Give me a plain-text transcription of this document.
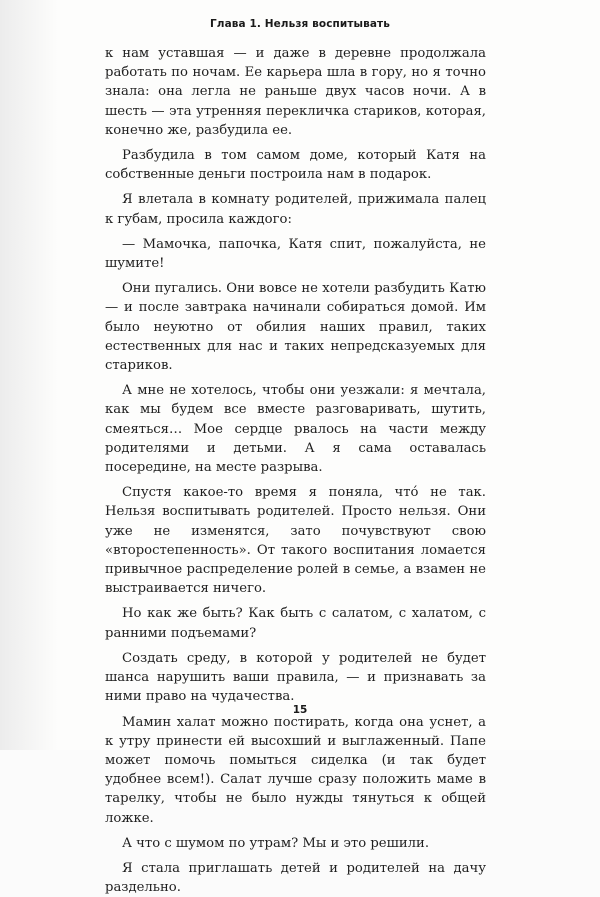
Глава 1. Нельзя воспитывать

к нам уставшая — и даже в деревне продолжала работать по ночам. Ее карьера шла в гору, но я точно знала: она легла не раньше двух часов ночи. А в шесть — эта утренняя перекличка стариков, которая, конечно же, разбудила ее.

Разбудила в том самом доме, который Катя на собственные деньги построила нам в подарок.

Я влетала в комнату родителей, прижимала палец к губам, просила каждого:

— Мамочка, папочка, Катя спит, пожалуйста, не шумите!

Они пугались. Они вовсе не хотели разбудить Катю — и после завтрака начинали собираться домой. Им было неуютно от обилия наших правил, таких естественных для нас и таких непредсказуемых для стариков.

А мне не хотелось, чтобы они уезжали: я мечтала, как мы будем все вместе разговаривать, шутить, смеяться… Мое сердце рвалось на части между родителями и детьми. А я сама оставалась посередине, на месте разрыва.

Спустя какое-то время я поняла, что́ не так. Нельзя воспитывать родителей. Просто нельзя. Они уже не изменятся, зато почувствуют свою «второстепенность». От такого воспитания ломается привычное распределение ролей в семье, а взамен не выстраивается ничего.

Но как же быть? Как быть с салатом, с халатом, с ранними подъемами?

Создать среду, в которой у родителей не будет шанса нарушить ваши правила, — и признавать за ними право на чудачества.

Мамин халат можно постирать, когда она уснет, а к утру принести ей высохший и выглаженный. Папе может помочь помыться сиделка (и так будет удобнее всем!). Салат лучше сразу положить маме в тарелку, чтобы не было нужды тянуться к общей ложке.

А что с шумом по утрам? Мы и это решили.

Я стала приглашать детей и родителей на дачу раздельно.

15
